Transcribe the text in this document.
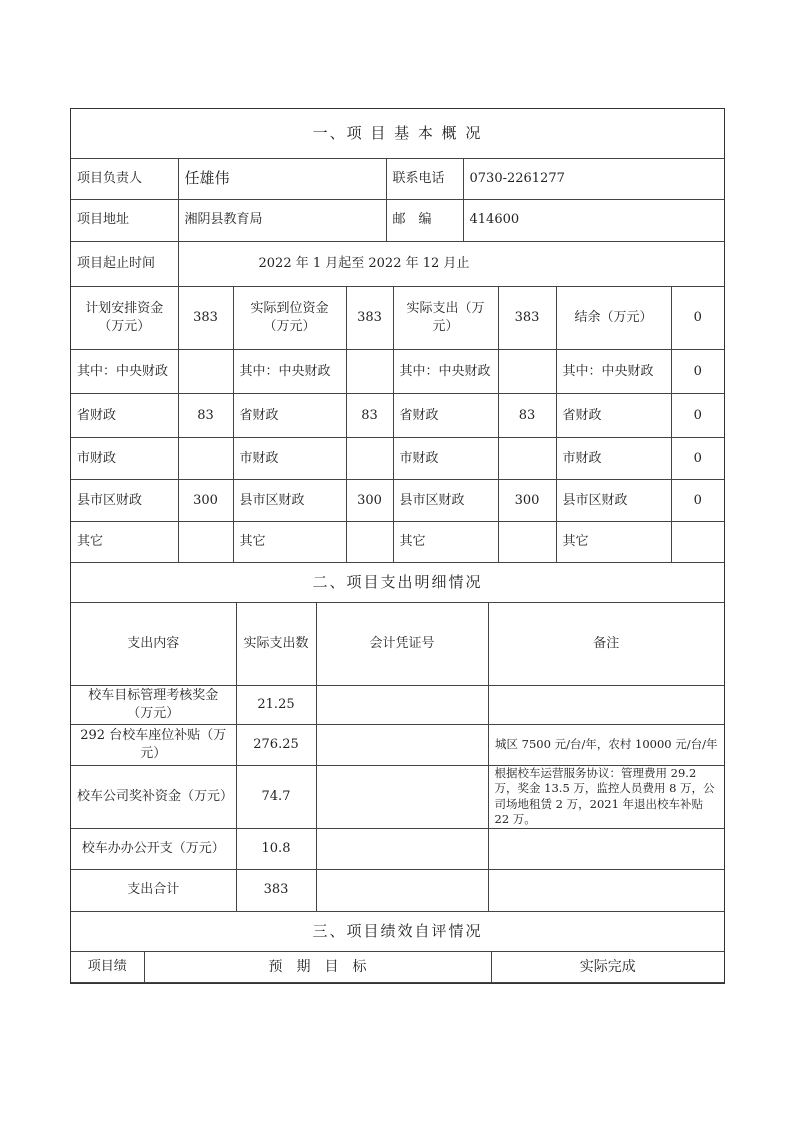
一、项 目 基 本 概 况			
项目负责人	任雄伟	联系电话	0730-2261277
项目地址	湘阴县教育局	邮　编	414600
项目起止时间	2022 年 1 月起至 2022 年 12 月止		
计划安排资金（万元）	383	实际到位资金（万元）	383	实际支出（万元）	383	结余（万元）	0
其中：中央财政		其中：中央财政		其中：中央财政		其中：中央财政	0
省财政	83	省财政	83	省财政	83	省财政	0
市财政		市财政		市财政		市财政	0
县市区财政	300	县市区财政	300	县市区财政	300	县市区财政	0
其它		其它		其它		其它	
二、项目支出明细情况			
支出内容	实际支出数	会计凭证号	备注
校车目标管理考核奖金（万元）	21.25		
292 台校车座位补贴（万元）	276.25		城区 7500 元/台/年，农村 10000 元/台/年
校车公司奖补资金（万元）	74.7		根据校车运营服务协议：管理费用 29.2 万，奖金 13.5 万，监控人员费用 8 万，公司场地租赁 2 万，2021 年退出校车补贴 22 万。
校车办办公开支（万元）	10.8		
支出合计	383		
三、项目绩效自评情况
项目绩	预　期　目　标	实际完成
